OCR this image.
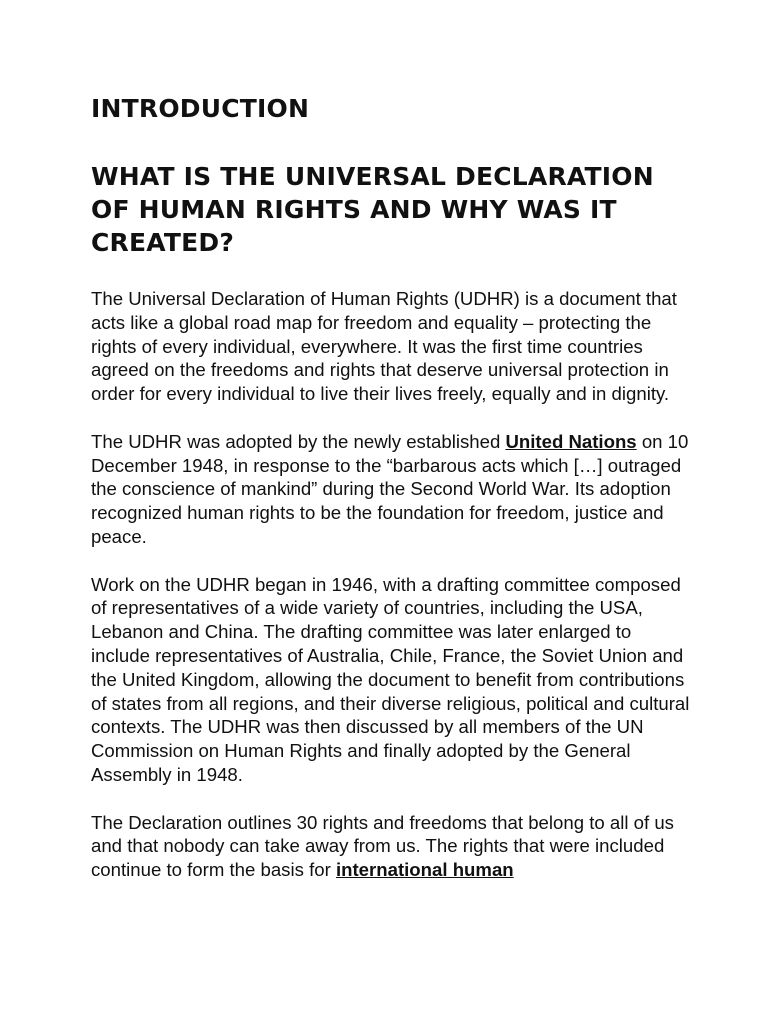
INTRODUCTION
WHAT IS THE UNIVERSAL DECLARATION OF HUMAN RIGHTS AND WHY WAS IT CREATED?

The Universal Declaration of Human Rights (UDHR) is a document that acts like a global road map for freedom and equality – protecting the rights of every individual, everywhere. It was the first time countries agreed on the freedoms and rights that deserve universal protection in order for every individual to live their lives freely, equally and in dignity.

The UDHR was adopted by the newly established United Nations on 10 December 1948, in response to the “barbarous acts which […] outraged the conscience of mankind” during the Second World War. Its adoption recognized human rights to be the foundation for freedom, justice and peace.

Work on the UDHR began in 1946, with a drafting committee composed of representatives of a wide variety of countries, including the USA, Lebanon and China. The drafting committee was later enlarged to include representatives of Australia, Chile, France, the Soviet Union and the United Kingdom, allowing the document to benefit from contributions of states from all regions, and their diverse religious, political and cultural contexts. The UDHR was then discussed by all members of the UN Commission on Human Rights and finally adopted by the General Assembly in 1948.

The Declaration outlines 30 rights and freedoms that belong to all of us and that nobody can take away from us. The rights that were included continue to form the basis for international human
